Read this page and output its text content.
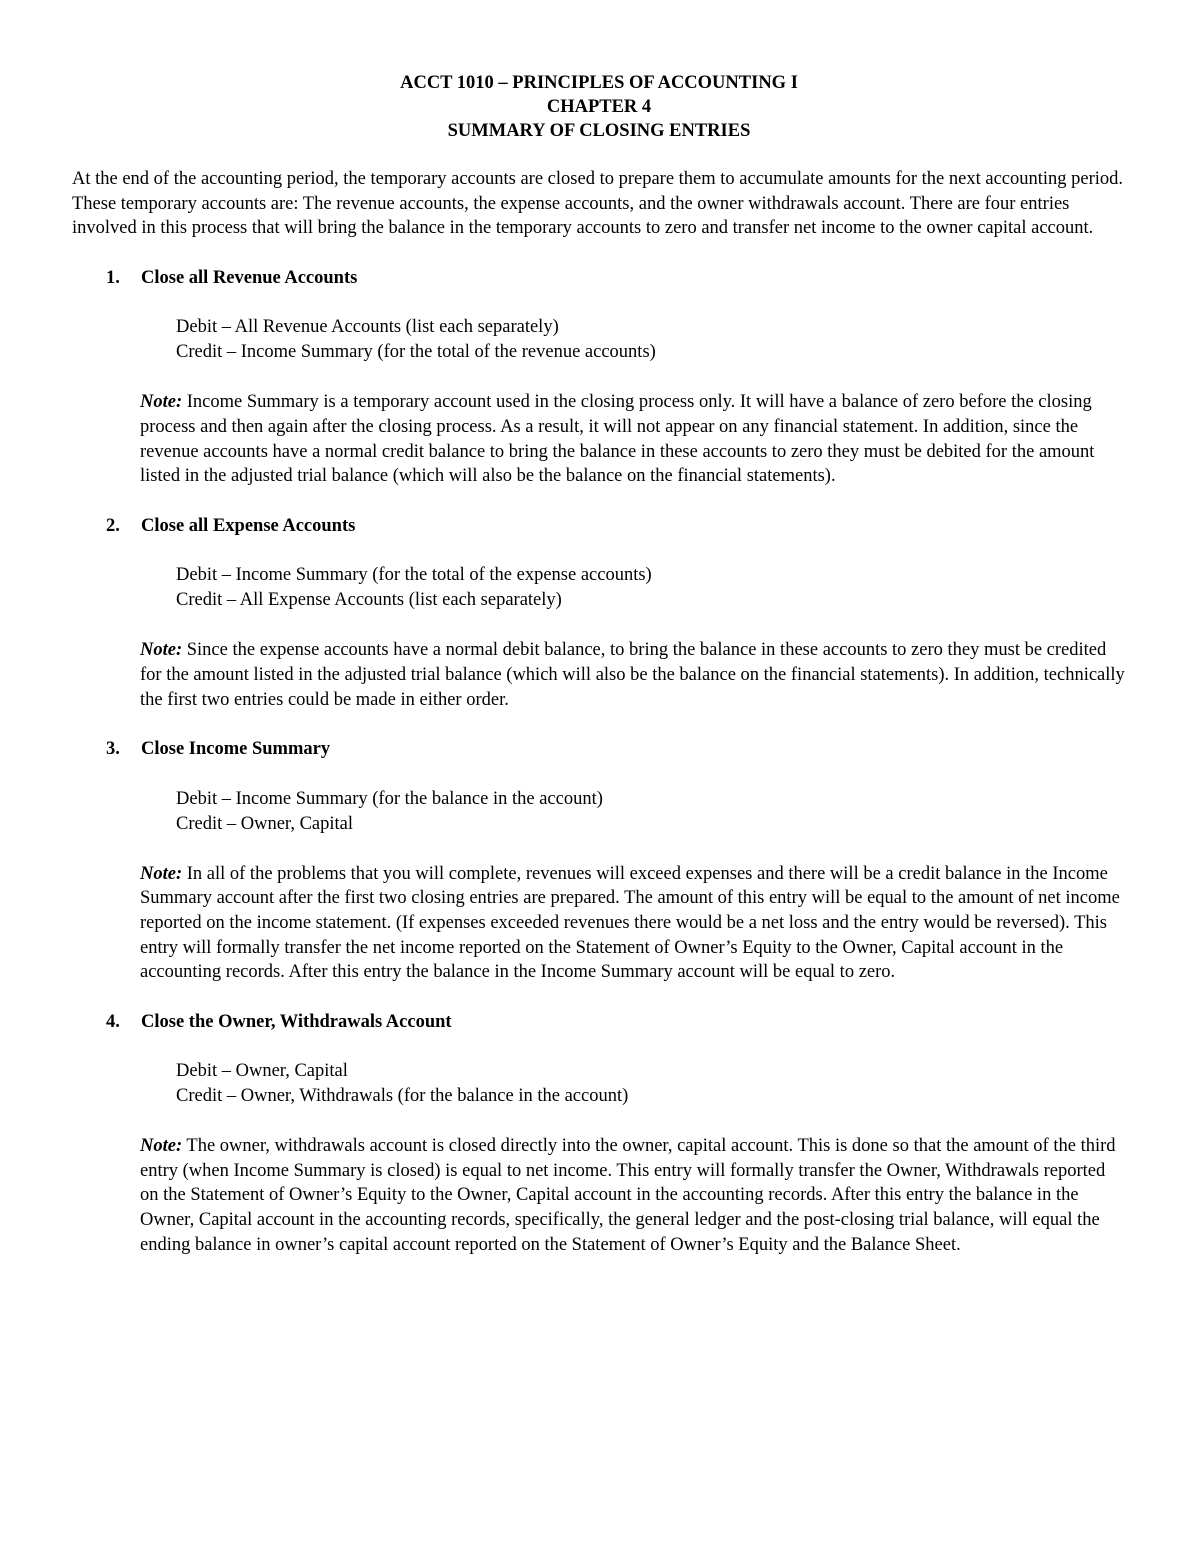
ACCT 1010 – PRINCIPLES OF ACCOUNTING I
CHAPTER 4
SUMMARY OF CLOSING ENTRIES

At the end of the accounting period, the temporary accounts are closed to prepare them to accumulate amounts for the next accounting period. These temporary accounts are: The revenue accounts, the expense accounts, and the owner withdrawals account. There are four entries involved in this process that will bring the balance in the temporary accounts to zero and transfer net income to the owner capital account.

1.	Close all Revenue Accounts

Debit – All Revenue Accounts (list each separately)

Credit – Income Summary (for the total of the revenue accounts)

Note: Income Summary is a temporary account used in the closing process only. It will have a balance of zero before the closing process and then again after the closing process. As a result, it will not appear on any financial statement. In addition, since the revenue accounts have a normal credit balance to bring the balance in these accounts to zero they must be debited for the amount listed in the adjusted trial balance (which will also be the balance on the financial statements).

2.	Close all Expense Accounts

Debit – Income Summary (for the total of the expense accounts)

Credit – All Expense Accounts (list each separately)

Note: Since the expense accounts have a normal debit balance, to bring the balance in these accounts to zero they must be credited for the amount listed in the adjusted trial balance (which will also be the balance on the financial statements). In addition, technically the first two entries could be made in either order.

3.	Close Income Summary

Debit – Income Summary (for the balance in the account)

Credit – Owner, Capital

Note: In all of the problems that you will complete, revenues will exceed expenses and there will be a credit balance in the Income Summary account after the first two closing entries are prepared. The amount of this entry will be equal to the amount of net income reported on the income statement. (If expenses exceeded revenues there would be a net loss and the entry would be reversed). This entry will formally transfer the net income reported on the Statement of Owner’s Equity to the Owner, Capital account in the accounting records. After this entry the balance in the Income Summary account will be equal to zero.

4.	Close the Owner, Withdrawals Account

Debit – Owner, Capital

Credit – Owner, Withdrawals (for the balance in the account)

Note: The owner, withdrawals account is closed directly into the owner, capital account. This is done so that the amount of the third entry (when Income Summary is closed) is equal to net income. This entry will formally transfer the Owner, Withdrawals reported on the Statement of Owner’s Equity to the Owner, Capital account in the accounting records. After this entry the balance in the Owner, Capital account in the accounting records, specifically, the general ledger and the post-closing trial balance, will equal the ending balance in owner’s capital account reported on the Statement of Owner’s Equity and the Balance Sheet.
